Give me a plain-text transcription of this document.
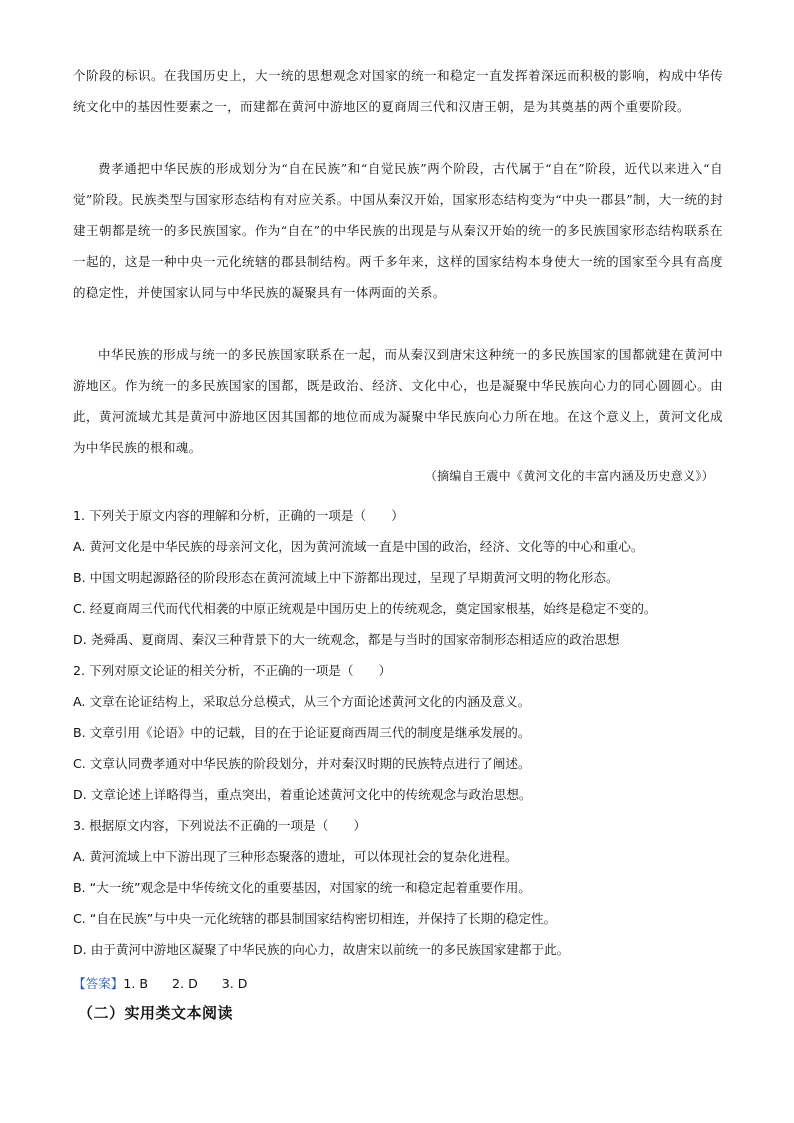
个阶段的标识。在我国历史上，大一统的思想观念对国家的统一和稳定一直发挥着深远而积极的影响，构成中华传统文化中的基因性要素之一，而建都在黄河中游地区的夏商周三代和汉唐王朝，是为其奠基的两个重要阶段。

费孝通把中华民族的形成划分为“自在民族”和“自觉民族”两个阶段，古代属于“自在”阶段，近代以来进入“自觉”阶段。民族类型与国家形态结构有对应关系。中国从秦汉开始，国家形态结构变为“中央一郡县”制，大一统的封建王朝都是统一的多民族国家。作为“自在”的中华民族的出现是与从秦汉开始的统一的多民族国家形态结构联系在一起的，这是一种中央一元化统辖的郡县制结构。两千多年来，这样的国家结构本身使大一统的国家至今具有高度的稳定性，并使国家认同与中华民族的凝聚具有一体两面的关系。

中华民族的形成与统一的多民族国家联系在一起，而从秦汉到唐宋这种统一的多民族国家的国都就建在黄河中游地区。作为统一的多民族国家的国都，既是政治、经济、文化中心，也是凝聚中华民族向心力的同心圆圆心。由此，黄河流域尤其是黄河中游地区因其国都的地位而成为凝聚中华民族向心力所在地。在这个意义上，黄河文化成为中华民族的根和魂。

（摘编自王震中《黄河文化的丰富内涵及历史意义》）
1. 下列关于原文内容的理解和分析，正确的一项是（　　）
A. 黄河文化是中华民族的母亲河文化，因为黄河流域一直是中国的政治，经济、文化等的中心和重心。
B. 中国文明起源路径的阶段形态在黄河流域上中下游都出现过，呈现了早期黄河文明的物化形态。
C. 经夏商周三代而代代相袭的中原正统观是中国历史上的传统观念，奠定国家根基，始终是稳定不变的。
D. 尧舜禹、夏商周、秦汉三种背景下的大一统观念，都是与当时的国家帝制形态相适应的政治思想
2. 下列对原文论证的相关分析，不正确的一项是（　　）
A. 文章在论证结构上，采取总分总模式，从三个方面论述黄河文化的内涵及意义。
B. 文章引用《论语》中的记载，目的在于论证夏商西周三代的制度是继承发展的。
C. 文章认同费孝通对中华民族的阶段划分，并对秦汉时期的民族特点进行了阐述。
D. 文章论述上详略得当，重点突出，着重论述黄河文化中的传统观念与政治思想。
3. 根据原文内容，下列说法不正确的一项是（　　）
A. 黄河流域上中下游出现了三种形态聚落的遗址，可以体现社会的复杂化进程。
B. “大一统”观念是中华传统文化的重要基因，对国家的统一和稳定起着重要作用。
C. “自在民族”与中央一元化统辖的郡县制国家结构密切相连，并保持了长期的稳定性。
D. 由于黄河中游地区凝聚了中华民族的向心力，故唐宋以前统一的多民族国家建都于此。
【答案】1. B 2. D 3. D
（二）实用类文本阅读
